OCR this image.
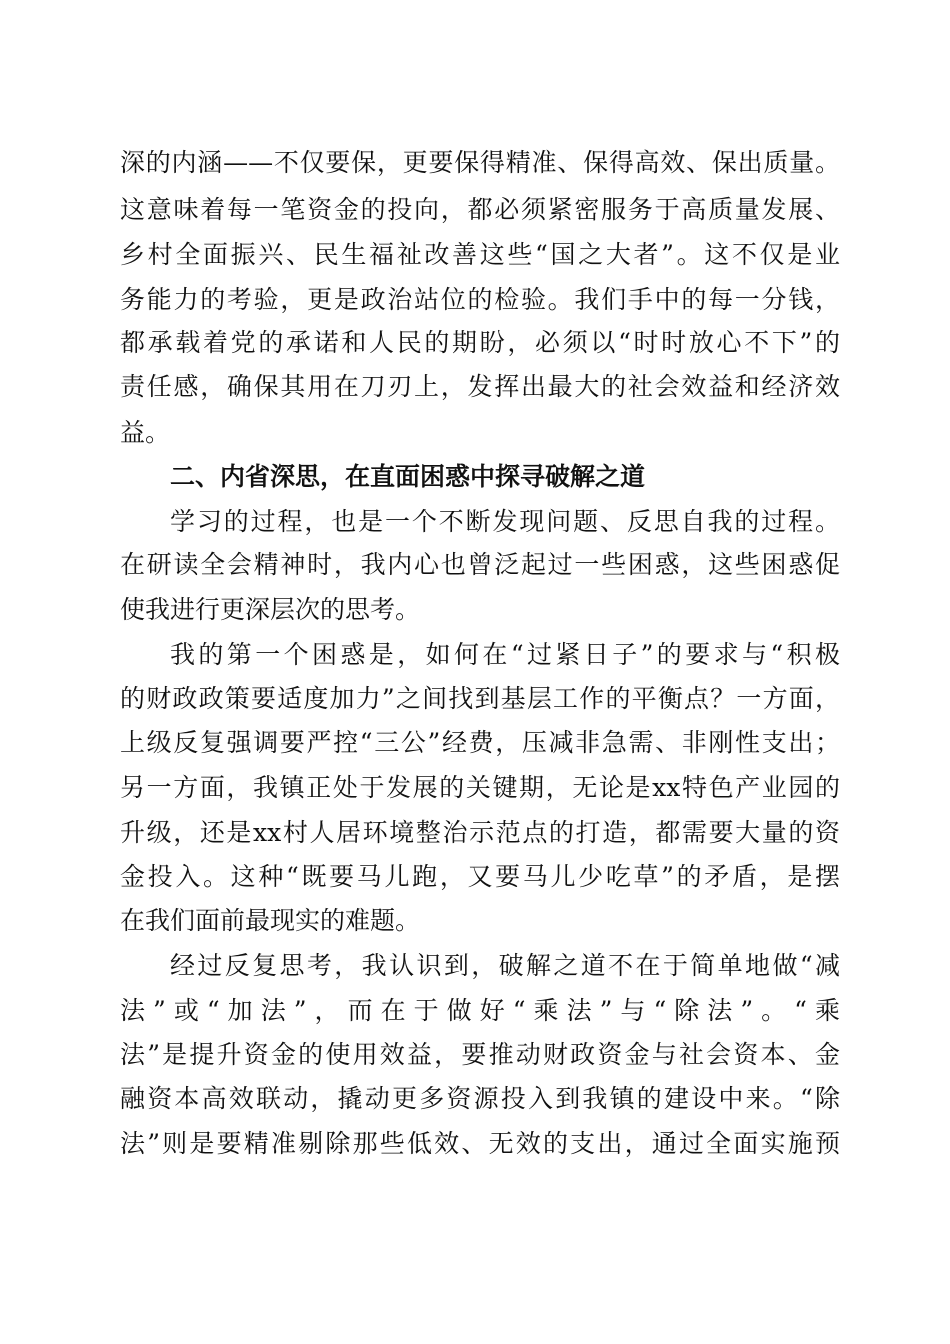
深的内涵——不仅要保，更要保得精准、保得高效、保出质量。
这意味着每一笔资金的投向，都必须紧密服务于高质量发展、
乡村全面振兴、民生福祉改善这些“国之大者”。这不仅是业
务能力的考验，更是政治站位的检验。我们手中的每一分钱，
都承载着党的承诺和人民的期盼，必须以“时时放心不下”的
责任感，确保其用在刀刃上，发挥出最大的社会效益和经济效
益。
二、内省深思，在直面困惑中探寻破解之道
学习的过程，也是一个不断发现问题、反思自我的过程。
在研读全会精神时，我内心也曾泛起过一些困惑，这些困惑促
使我进行更深层次的思考。
我的第一个困惑是，如何在“过紧日子”的要求与“积极
的财政政策要适度加力”之间找到基层工作的平衡点？一方面，
上级反复强调要严控“三公”经费，压减非急需、非刚性支出；
另一方面，我镇正处于发展的关键期，无论是xx特色产业园的
升级，还是xx村人居环境整治示范点的打造，都需要大量的资
金投入。这种“既要马儿跑，又要马儿少吃草”的矛盾，是摆
在我们面前最现实的难题。
经过反复思考，我认识到，破解之道不在于简单地做“减
法”或“加法”，而在于做好“乘法”与“除法”。“乘
法”是提升资金的使用效益，要推动财政资金与社会资本、金
融资本高效联动，撬动更多资源投入到我镇的建设中来。“除
法”则是要精准剔除那些低效、无效的支出，通过全面实施预
